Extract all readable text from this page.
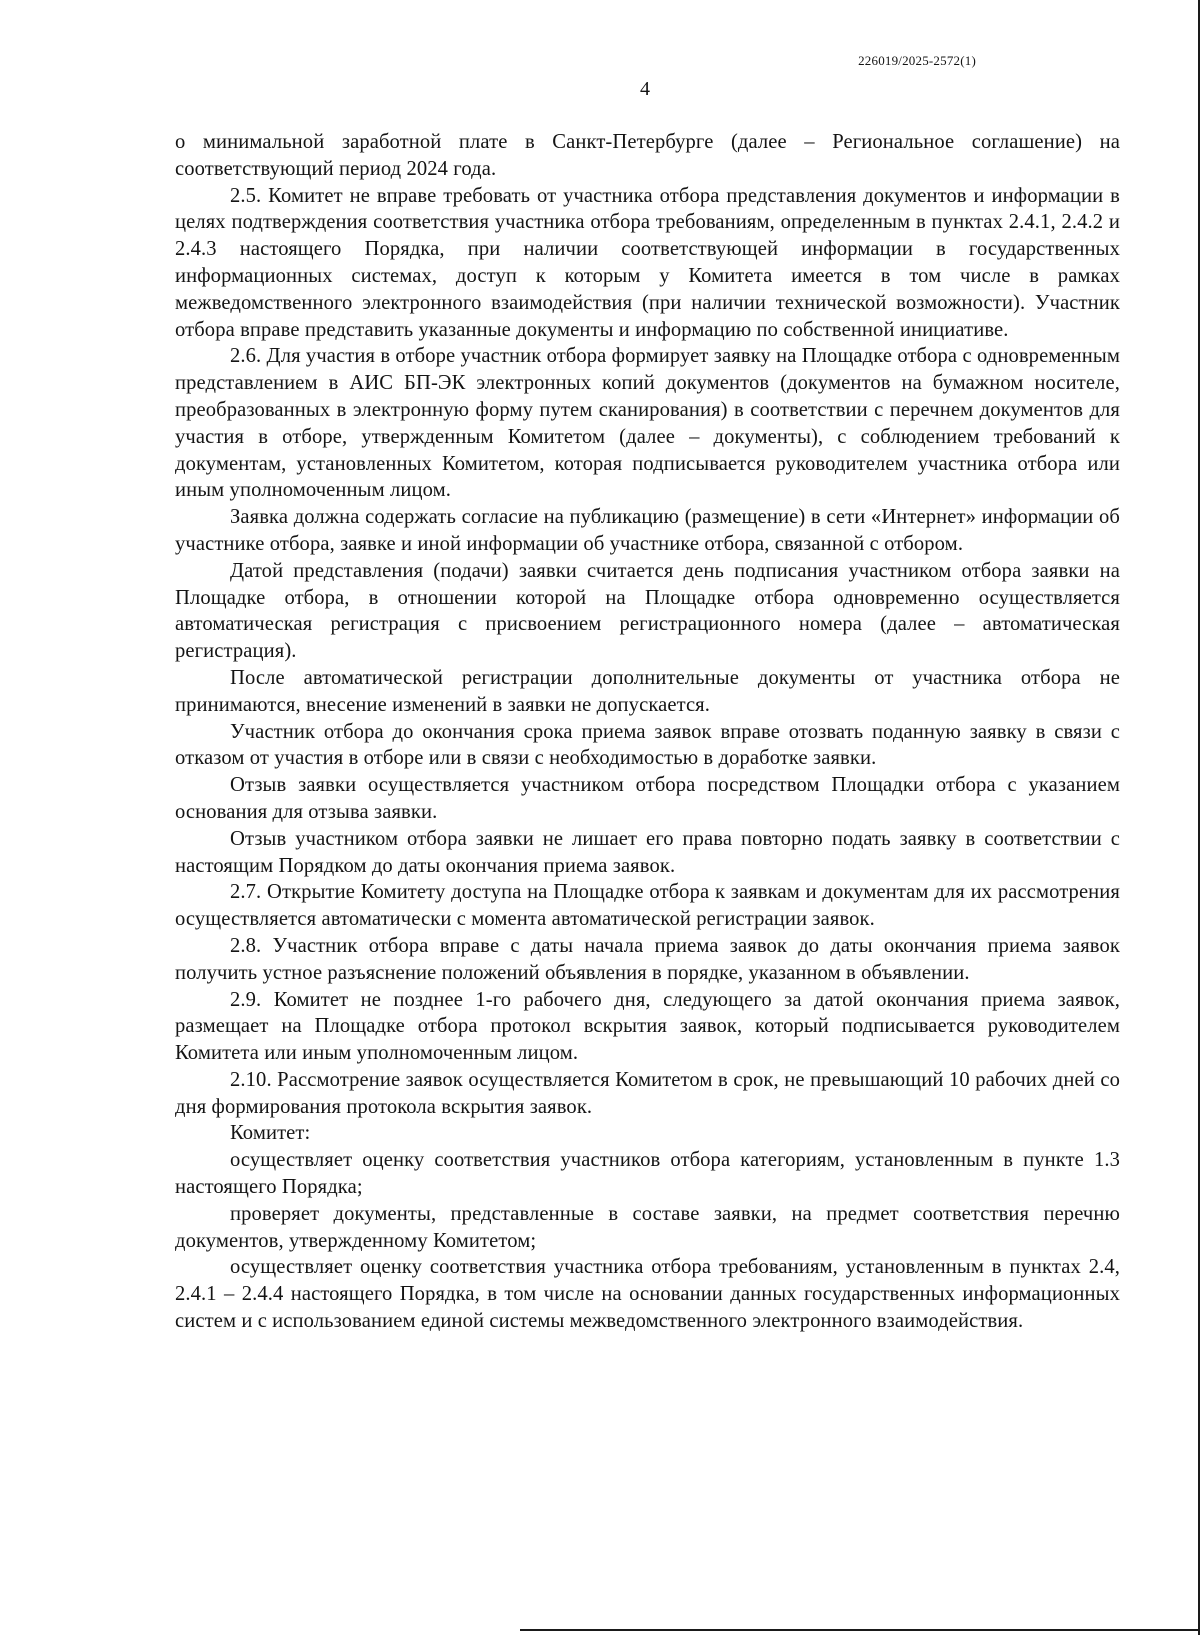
226019/2025-2572(1)
4

о минимальной заработной плате в Санкт-Петербурге (далее – Региональное соглашение) на соответствующий период 2024 года.

2.5. Комитет не вправе требовать от участника отбора представления документов и информации в целях подтверждения соответствия участника отбора требованиям, определенным в пунктах 2.4.1, 2.4.2 и 2.4.3 настоящего Порядка, при наличии соответствующей информации в государственных информационных системах, доступ к которым у Комитета имеется в том числе в рамках межведомственного электронного взаимодействия (при наличии технической возможности). Участник отбора вправе представить указанные документы и информацию по собственной инициативе.

2.6. Для участия в отборе участник отбора формирует заявку на Площадке отбора с одновременным представлением в АИС БП-ЭК электронных копий документов (документов на бумажном носителе, преобразованных в электронную форму путем сканирования) в соответствии с перечнем документов для участия в отборе, утвержденным Комитетом (далее – документы), с соблюдением требований к документам, установленных Комитетом, которая подписывается руководителем участника отбора или иным уполномоченным лицом.

Заявка должна содержать согласие на публикацию (размещение) в сети «Интернет» информации об участнике отбора, заявке и иной информации об участнике отбора, связанной с отбором.

Датой представления (подачи) заявки считается день подписания участником отбора заявки на Площадке отбора, в отношении которой на Площадке отбора одновременно осуществляется автоматическая регистрация с присвоением регистрационного номера (далее – автоматическая регистрация).

После автоматической регистрации дополнительные документы от участника отбора не принимаются, внесение изменений в заявки не допускается.

Участник отбора до окончания срока приема заявок вправе отозвать поданную заявку в связи с отказом от участия в отборе или в связи с необходимостью в доработке заявки.

Отзыв заявки осуществляется участником отбора посредством Площадки отбора с указанием основания для отзыва заявки.

Отзыв участником отбора заявки не лишает его права повторно подать заявку в соответствии с настоящим Порядком до даты окончания приема заявок.

2.7. Открытие Комитету доступа на Площадке отбора к заявкам и документам для их рассмотрения осуществляется автоматически с момента автоматической регистрации заявок.

2.8. Участник отбора вправе с даты начала приема заявок до даты окончания приема заявок получить устное разъяснение положений объявления в порядке, указанном в объявлении.

2.9. Комитет не позднее 1-го рабочего дня, следующего за датой окончания приема заявок, размещает на Площадке отбора протокол вскрытия заявок, который подписывается руководителем Комитета или иным уполномоченным лицом.

2.10. Рассмотрение заявок осуществляется Комитетом в срок, не превышающий 10 рабочих дней со дня формирования протокола вскрытия заявок.

Комитет:

осуществляет оценку соответствия участников отбора категориям, установленным в пункте 1.3 настоящего Порядка;

проверяет документы, представленные в составе заявки, на предмет соответствия перечню документов, утвержденному Комитетом;

осуществляет оценку соответствия участника отбора требованиям, установленным в пунктах 2.4, 2.4.1 – 2.4.4 настоящего Порядка, в том числе на основании данных государственных информационных систем и с использованием единой системы межведомственного электронного взаимодействия.
